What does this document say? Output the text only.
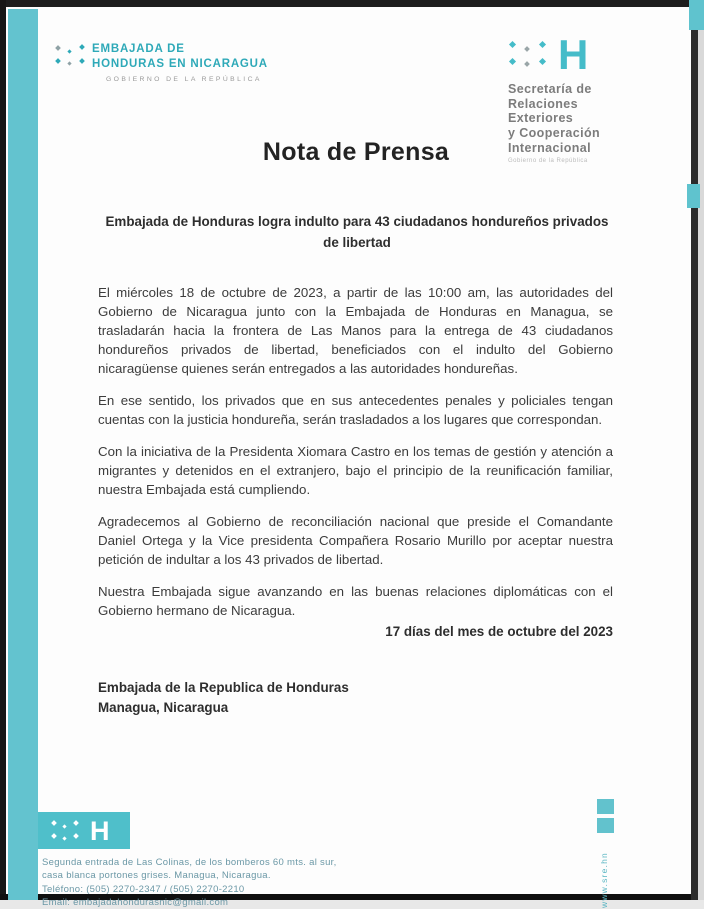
EMBAJADA DE
HONDURAS EN NICARAGUA
GOBIERNO DE LA REPÚBLICA
H
Secretaría de
Relaciones
Exteriores
y Cooperación
Internacional
Gobierno de la República
Nota de Prensa
Embajada de Honduras logra indulto para 43 ciudadanos hondureños privados de libertad

El miércoles 18 de octubre de 2023, a partir de las 10:00 am, las autoridades del Gobierno de Nicaragua junto con la Embajada de Honduras en Managua, se trasladarán hacia la frontera de Las Manos para la entrega de 43 ciudadanos hondureños privados de libertad, beneficiados con el indulto del Gobierno nicaragüense quienes serán entregados a las autoridades hondureñas.

En ese sentido, los privados que en sus antecedentes penales y policiales tengan cuentas con la justicia hondureña, serán trasladados a los lugares que correspondan.

Con la iniciativa de la Presidenta Xiomara Castro en los temas de gestión y atención a migrantes y detenidos en el extranjero, bajo el principio de la reunificación familiar, nuestra Embajada está cumpliendo.

Agradecemos al Gobierno de reconciliación nacional que preside el Comandante Daniel Ortega y la Vice presidenta Compañera Rosario Murillo por aceptar nuestra petición de indultar a los 43 privados de libertad.

Nuestra Embajada sigue avanzando en las buenas relaciones diplomáticas con el Gobierno hermano de Nicaragua.

17 días del mes de octubre del 2023
Embajada de la Republica de Honduras
Managua, Nicaragua
H
Segunda entrada de Las Colinas, de los bomberos 60 mts. al sur,
casa blanca portones grises. Managua, Nicaragua.
Teléfono: (505) 2270-2347 / (505) 2270-2210
Email: embajadahondurasnic@gmail.com	www.sre.hn
